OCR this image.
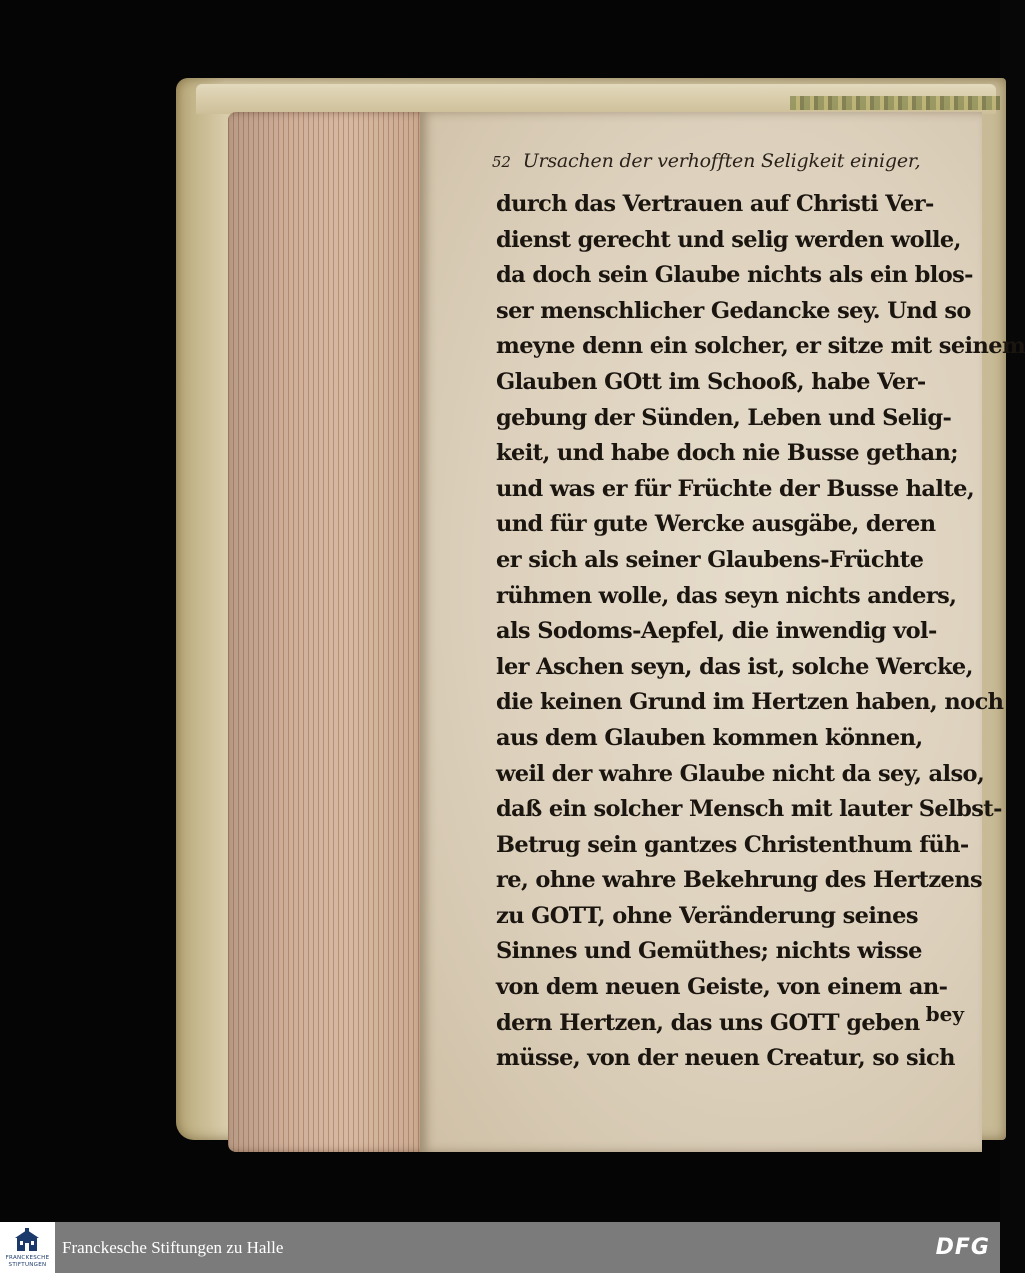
52 Ursachen der verhofften Seligkeit einiger,
durch das Vertrauen auf Christi Ver-
dienst gerecht und selig werden wolle,
da doch sein Glaube nichts als ein blos-
ser menschlicher Gedancke sey. Und so
meyne denn ein solcher, er sitze mit seinem
Glauben GOtt im Schooß, habe Ver-
gebung der Sünden, Leben und Selig-
keit, und habe doch nie Busse gethan;
und was er für Früchte der Busse halte,
und für gute Wercke ausgäbe, deren
er sich als seiner Glaubens-Früchte
rühmen wolle, das seyn nichts anders,
als Sodoms-Aepfel, die inwendig vol-
ler Aschen seyn, das ist, solche Wercke,
die keinen Grund im Hertzen haben, noch
aus dem Glauben kommen können,
weil der wahre Glaube nicht da sey, also,
daß ein solcher Mensch mit lauter Selbst-
Betrug sein gantzes Christenthum füh-
re, ohne wahre Bekehrung des Hertzens
zu GOTT, ohne Veränderung seines
Sinnes und Gemüthes; nichts wisse
von dem neuen Geiste, von einem an-
dern Hertzen, das uns GOTT geben
müsse, von der neuen Creatur, so sich
bey
FRANCKESCHE STIFTUNGEN
Franckesche Stiftungen zu Halle	DFG
